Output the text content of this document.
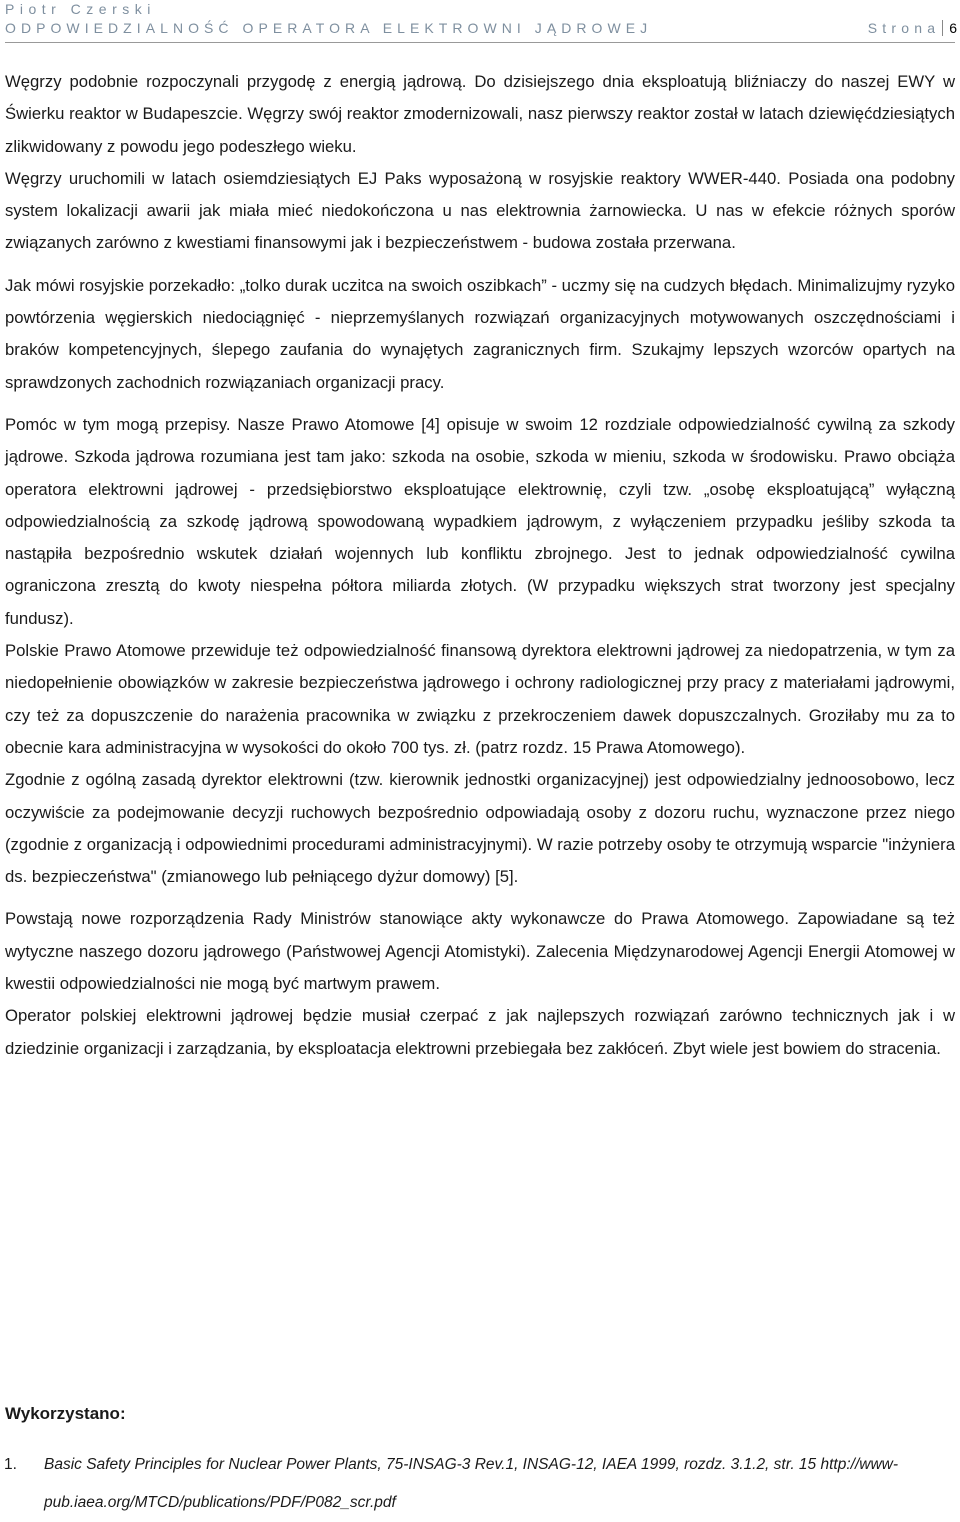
Piotr Czerski
ODPOWIEDZIALNOŚĆ OPERATORA ELEKTROWNI JĄDROWEJ	Strona 6

Węgrzy podobnie rozpoczynali przygodę z energią jądrową. Do dzisiejszego dnia eksploatują bliźniaczy do naszej EWY w Świerku reaktor w Budapeszcie. Węgrzy swój reaktor zmodernizowali, nasz pierwszy reaktor został w latach dziewięćdziesiątych zlikwidowany z powodu jego podeszłego wieku.

Węgrzy uruchomili w latach osiemdziesiątych EJ Paks wyposażoną w rosyjskie reaktory WWER-440. Posiada ona podobny system lokalizacji awarii jak miała mieć niedokończona u nas elektrownia żarnowiecka. U nas w efekcie różnych sporów związanych zarówno z kwestiami finansowymi jak i bezpieczeństwem - budowa została przerwana.

Jak mówi rosyjskie porzekadło: „tolko durak uczitca na swoich oszibkach” - uczmy się na cudzych błędach. Minimalizujmy ryzyko powtórzenia węgierskich niedociągnięć - nieprzemyślanych rozwiązań organizacyjnych motywowanych oszczędnościami i braków kompetencyjnych, ślepego zaufania do wynajętych zagranicznych firm. Szukajmy lepszych wzorców opartych na sprawdzonych zachodnich rozwiązaniach organizacji pracy.

Pomóc w tym mogą przepisy. Nasze Prawo Atomowe [4] opisuje w swoim 12 rozdziale odpowiedzialność cywilną za szkody jądrowe. Szkoda jądrowa rozumiana jest tam jako: szkoda na osobie, szkoda w mieniu, szkoda w środowisku. Prawo obciąża operatora elektrowni jądrowej - przedsiębiorstwo eksploatujące elektrownię, czyli tzw. „osobę eksploatującą” wyłączną odpowiedzialnością za szkodę jądrową spowodowaną wypadkiem jądrowym, z wyłączeniem przypadku jeśliby szkoda ta nastąpiła bezpośrednio wskutek działań wojennych lub konfliktu zbrojnego. Jest to jednak odpowiedzialność cywilna ograniczona zresztą do kwoty niespełna półtora miliarda złotych. (W przypadku większych strat tworzony jest specjalny fundusz).

Polskie Prawo Atomowe przewiduje też odpowiedzialność finansową dyrektora elektrowni jądrowej za niedopatrzenia, w tym za niedopełnienie obowiązków w zakresie bezpieczeństwa jądrowego i ochrony radiologicznej przy pracy z materiałami jądrowymi, czy też za dopuszczenie do narażenia pracownika w związku z przekroczeniem dawek dopuszczalnych. Groziłaby mu za to obecnie kara administracyjna w wysokości do około 700 tys. zł. (patrz rozdz. 15 Prawa Atomowego).

Zgodnie z ogólną zasadą dyrektor elektrowni (tzw. kierownik jednostki organizacyjnej) jest odpowiedzialny jednoosobowo, lecz oczywiście za podejmowanie decyzji ruchowych bezpośrednio odpowiadają osoby z dozoru ruchu, wyznaczone przez niego (zgodnie z organizacją i odpowiednimi procedurami administracyjnymi). W razie potrzeby osoby te otrzymują wsparcie "inżyniera ds. bezpieczeństwa" (zmianowego lub pełniącego dyżur domowy) [5].

Powstają nowe rozporządzenia Rady Ministrów stanowiące akty wykonawcze do Prawa Atomowego. Zapowiadane są też wytyczne naszego dozoru jądrowego (Państwowej Agencji Atomistyki). Zalecenia Międzynarodowej Agencji Energii Atomowej w kwestii odpowiedzialności nie mogą być martwym prawem.

Operator polskiej elektrowni jądrowej będzie musiał czerpać z jak najlepszych rozwiązań zarówno technicznych jak i w dziedzinie organizacji i zarządzania, by eksploatacja elektrowni przebiegała bez zakłóceń. Zbyt wiele jest bowiem do stracenia.

Wykorzystano:
1. Basic Safety Principles for Nuclear Power Plants, 75-INSAG-3 Rev.1, INSAG-12, IAEA 1999, rozdz. 3.1.2, str. 15 http://www-pub.iaea.org/MTCD/publications/PDF/P082_scr.pdf
